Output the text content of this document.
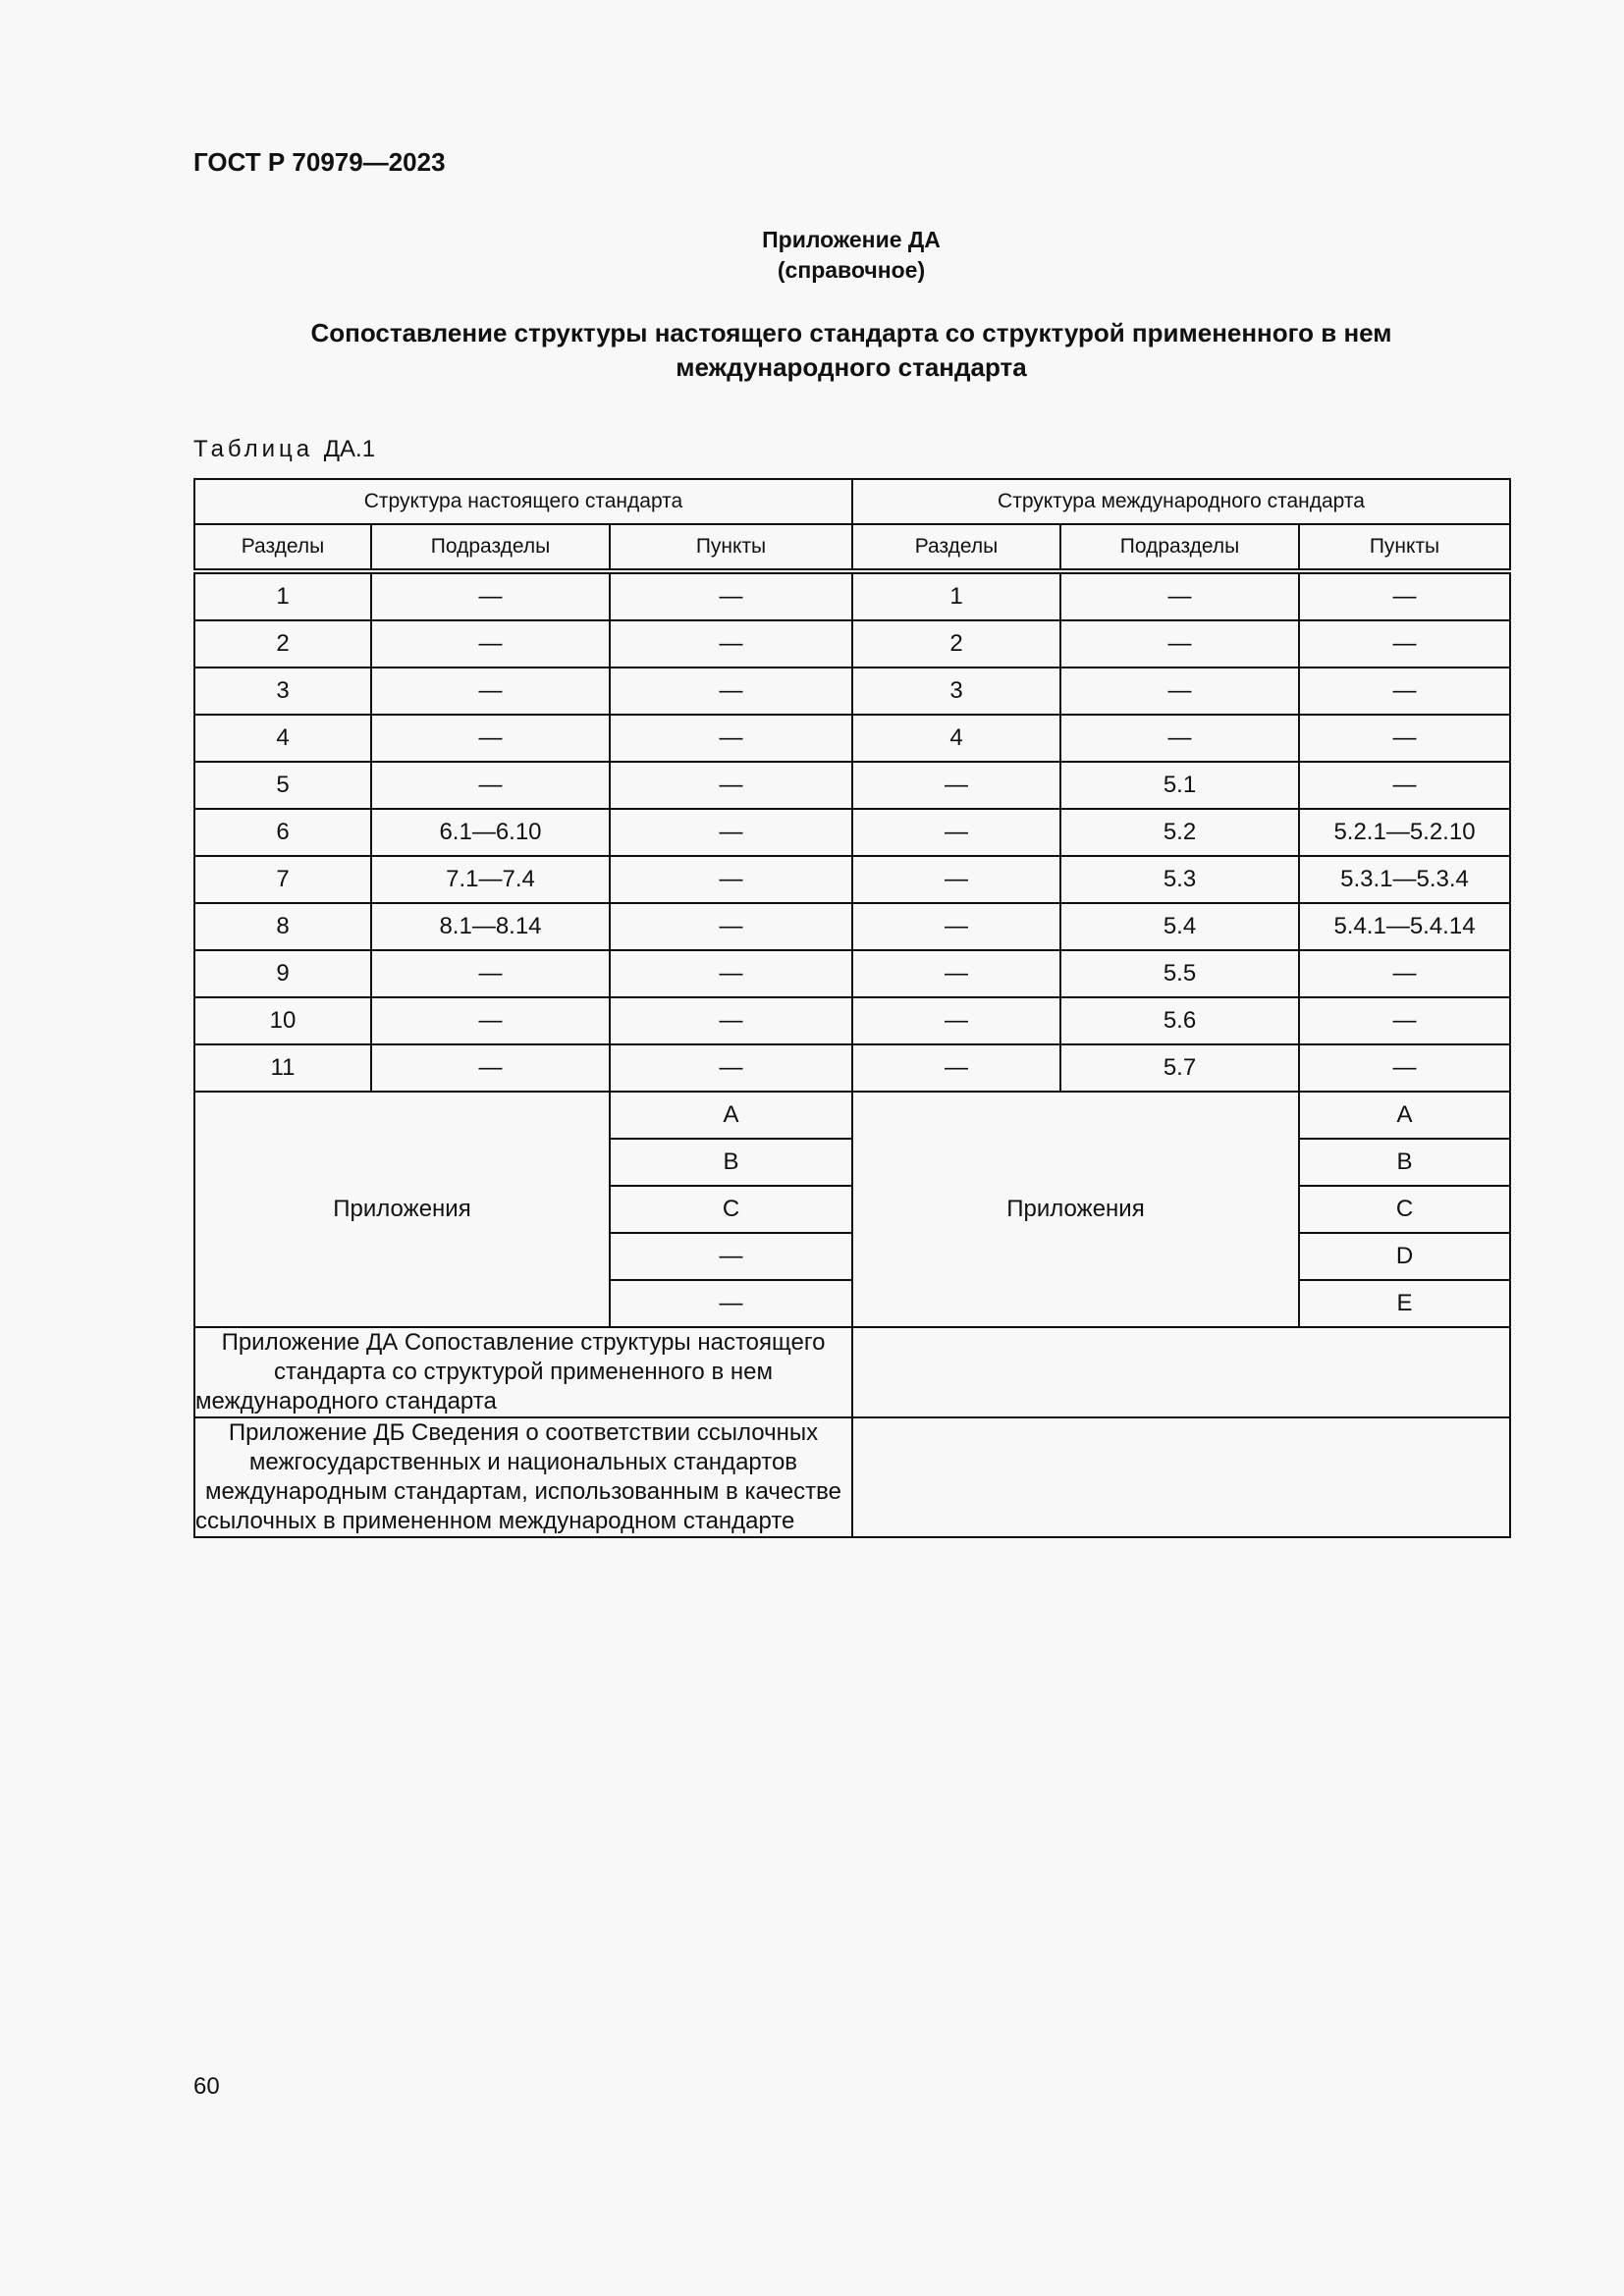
ГОСТ Р 70979—2023
Приложение ДА
(справочное)
Сопоставление структуры настоящего стандарта со структурой примененного в нем
международного стандарта
Таблица ДА.1
Структура настоящего стандарта			Структура международного стандарта		
Разделы	Подразделы	Пункты	Разделы	Подразделы	Пункты
1	—	—	1	—	—
2	—	—	2	—	—
3	—	—	3	—	—
4	—	—	4	—	—
5	—	—	—	5.1	—
6	6.1—6.10	—	—	5.2	5.2.1—5.2.10
7	7.1—7.4	—	—	5.3	5.3.1—5.3.4
8	8.1—8.14	—	—	5.4	5.4.1—5.4.14
9	—	—	—	5.5	—
10	—	—	—	5.6	—
11	—	—	—	5.7	—
Приложения		A	Приложения		A
		B			B
		C			C
		—			D
		—			E
Приложение ДА Сопоставление структуры настоящего стандарта со структурой примененного в нем международного стандарта					
Приложение ДБ Сведения о соответствии ссылочных межгосударственных и национальных стандартов международным стандартам, использованным в качестве ссылочных в примененном международном стандарте					
60
